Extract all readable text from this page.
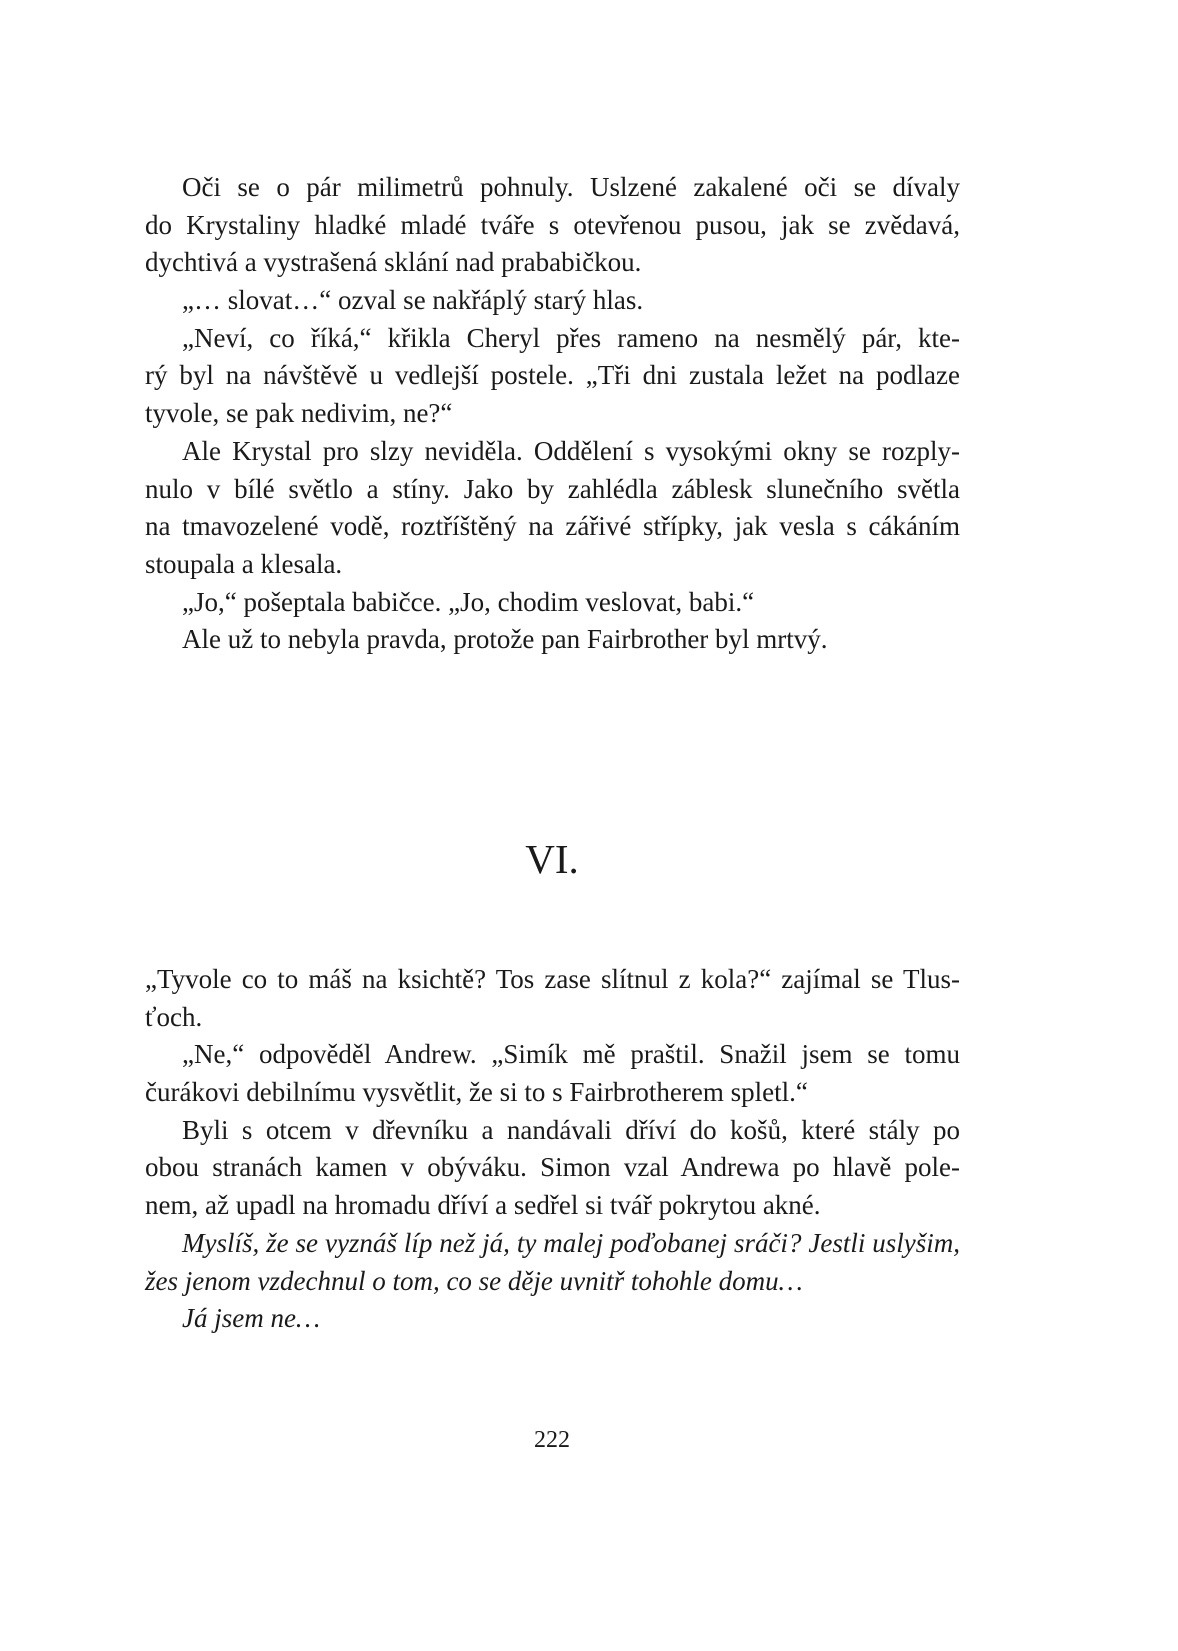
Oči se o pár milimetrů pohnuly. Uslzené zakalené oči se dívaly
do Krystaliny hladké mladé tváře s otevřenou pusou, jak se zvědavá,
dychtivá a vystrašená sklání nad prababičkou.
„… slovat…“ ozval se nakřáplý starý hlas.
„Neví, co říká,“ křikla Cheryl přes rameno na nesmělý pár, kte-
rý byl na návštěvě u vedlejší postele. „Tři dni zustala ležet na podlaze
tyvole, se pak nedivim, ne?“
Ale Krystal pro slzy neviděla. Oddělení s vysokými okny se rozply-
nulo v bílé světlo a stíny. Jako by zahlédla záblesk slunečního světla
na tmavozelené vodě, roztříštěný na zářivé střípky, jak vesla s cákáním
stoupala a klesala.
„Jo,“ pošeptala babičce. „Jo, chodim veslovat, babi.“
Ale už to nebyla pravda, protože pan Fairbrother byl mrtvý.
VI.
„Tyvole co to máš na ksichtě? Tos zase slítnul z kola?“ zajímal se Tlus-
ťoch.
„Ne,“ odpověděl Andrew. „Simík mě praštil. Snažil jsem se tomu
čurákovi debilnímu vysvětlit, že si to s Fairbrotherem spletl.“
Byli s otcem v dřevníku a nandávali dříví do košů, které stály po
obou stranách kamen v obýváku. Simon vzal Andrewa po hlavě pole-
nem, až upadl na hromadu dříví a sedřel si tvář pokrytou akné.
Myslíš, že se vyznáš líp než já, ty malej poďobanej sráči? Jestli uslyšim,
žes jenom vzdechnul o tom, co se děje uvnitř tohohle domu…
Já jsem ne…
222
